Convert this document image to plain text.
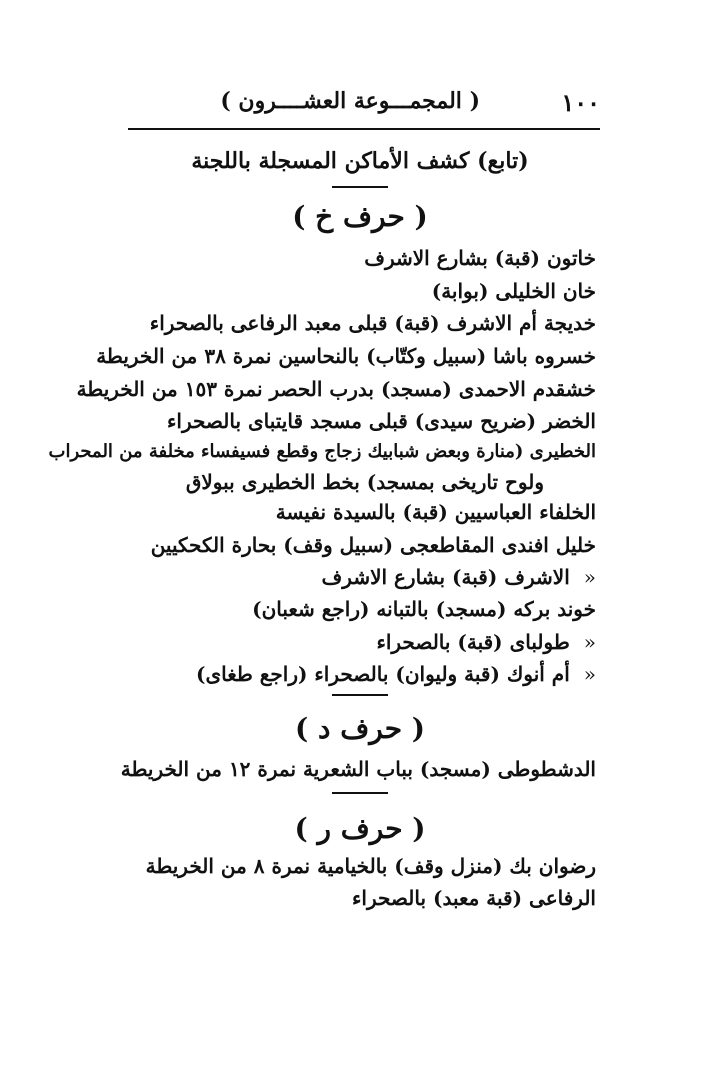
١٠٠
( المجمـــوعة العشــــرون )
(تابع) كشف الأماكن المسجلة باللجنة
( حرف خ )
خاتون (قبة) بشارع الاشرف
خان الخليلى (بوابة)
خديجة أم الاشرف (قبة) قبلى معبد الرفاعى بالصحراء
خسروه باشا (سبيل وكتّاب) بالنحاسين نمرة ٣٨ من الخريطة
خشقدم الاحمدى (مسجد) بدرب الحصر نمرة ١٥٣ من الخريطة
الخضر (ضريح سيدى) قبلى مسجد قايتباى بالصحراء
الخطيرى (منارة وبعض شبابيك زجاج وقطع فسيفساء مخلفة من المحراب
ولوح تاريخى بمسجد) بخط الخطيرى ببولاق
الخلفاء العباسيين (قبة) بالسيدة نفيسة
خليل افندى المقاطعجى (سبيل وقف) بحارة الكحكيين
«الاشرف (قبة) بشارع الاشرف
خوند بركه (مسجد) بالتبانه (راجع شعبان)
«طولباى (قبة) بالصحراء
«أم أنوك (قبة وليوان) بالصحراء (راجع طغاى)
( حرف د )
الدشطوطى (مسجد) بباب الشعرية نمرة ١٢ من الخريطة
( حرف ر )
رضوان بك (منزل وقف) بالخيامية نمرة ٨ من الخريطة
الرفاعى (قبة معبد) بالصحراء
